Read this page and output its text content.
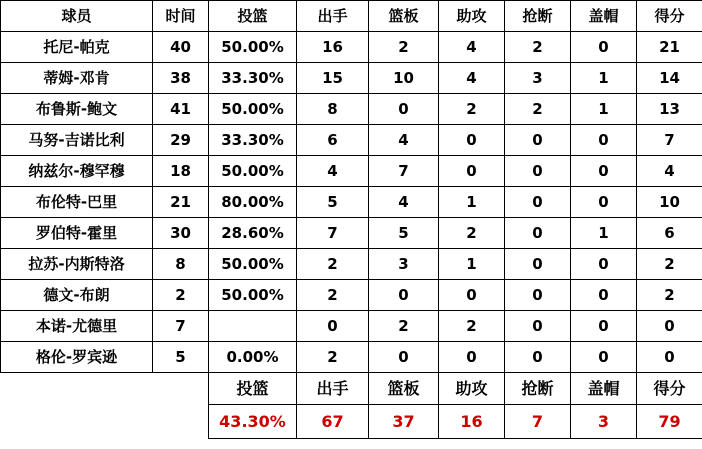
球员	时间	投篮	出手	篮板	助攻	抢断	盖帽	得分
托尼-帕克	40	50.00%	16	2	4	2	0	21
蒂姆-邓肯	38	33.30%	15	10	4	3	1	14
布鲁斯-鲍文	41	50.00%	8	0	2	2	1	13
马努-吉诺比利	29	33.30%	6	4	0	0	0	7
纳兹尔-穆罕穆	18	50.00%	4	7	0	0	0	4
布伦特-巴里	21	80.00%	5	4	1	0	0	10
罗伯特-霍里	30	28.60%	7	5	2	0	1	6
拉苏-内斯特洛	8	50.00%	2	3	1	0	0	2
德文-布朗	2	50.00%	2	0	0	0	0	2
本诺-尤德里	7		0	2	2	0	0	0
格伦-罗宾逊	5	0.00%	2	0	0	0	0	0
		投篮	出手	篮板	助攻	抢断	盖帽	得分
		43.30%	67	37	16	7	3	79
